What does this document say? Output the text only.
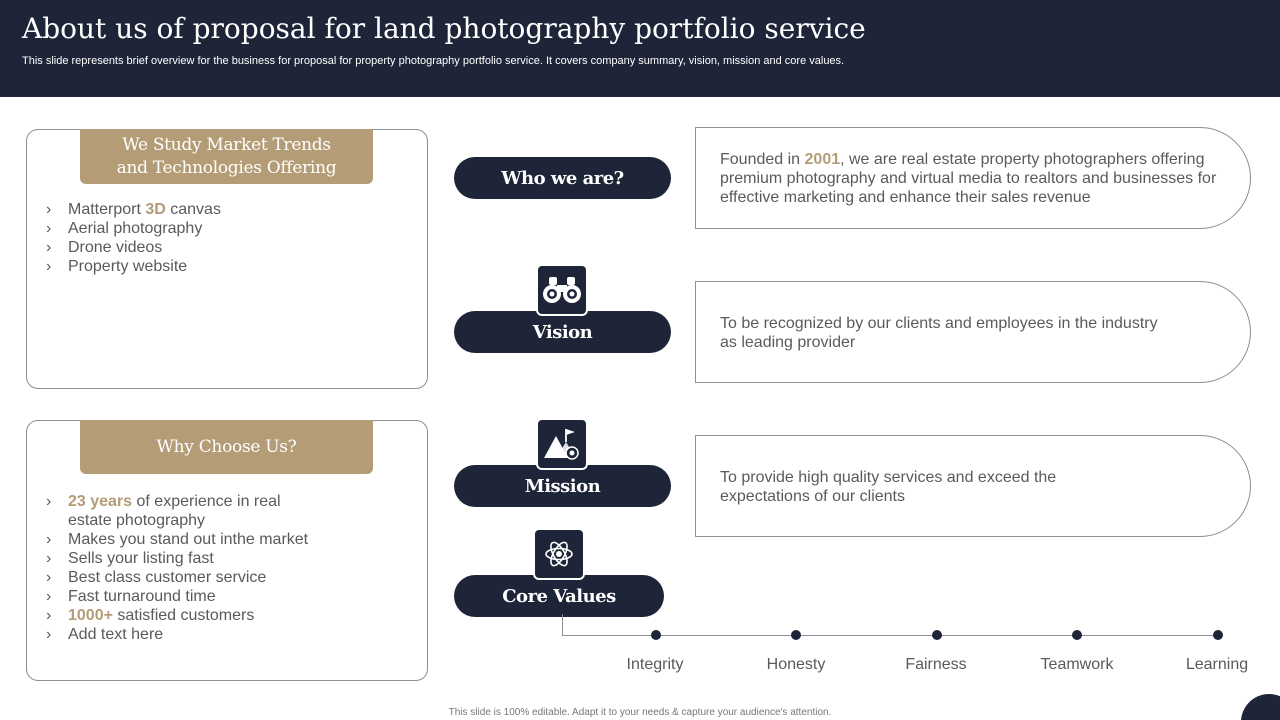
About us of proposal for land photography portfolio service
This slide represents brief overview for the business for proposal for property photography portfolio service. It covers company summary, vision, mission and core values.
We Study Market Trends
and Technologies Offering
› Matterport 3D canvas
› Aerial photography
› Drone videos
› Property website
Why Choose Us?
› 23 years of experience in real
estate photography
› Makes you stand out inthe market
› Sells your listing fast
› Best class customer service
› Fast turnaround time
› 1000+ satisfied customers
› Add text here
Who we are?
Founded in 2001, we are real estate property photographers offering
premium photography and virtual media to realtors and businesses for
effective marketing and enhance their sales revenue
Vision	To be recognized by our clients and employees in the industry
as leading provider
Mission	To provide high quality services and exceed the
expectations of our clients
Core Values
Integrity	Honesty	Fairness	Teamwork	Learning
This slide is 100% editable. Adapt it to your needs & capture your audience's attention.
